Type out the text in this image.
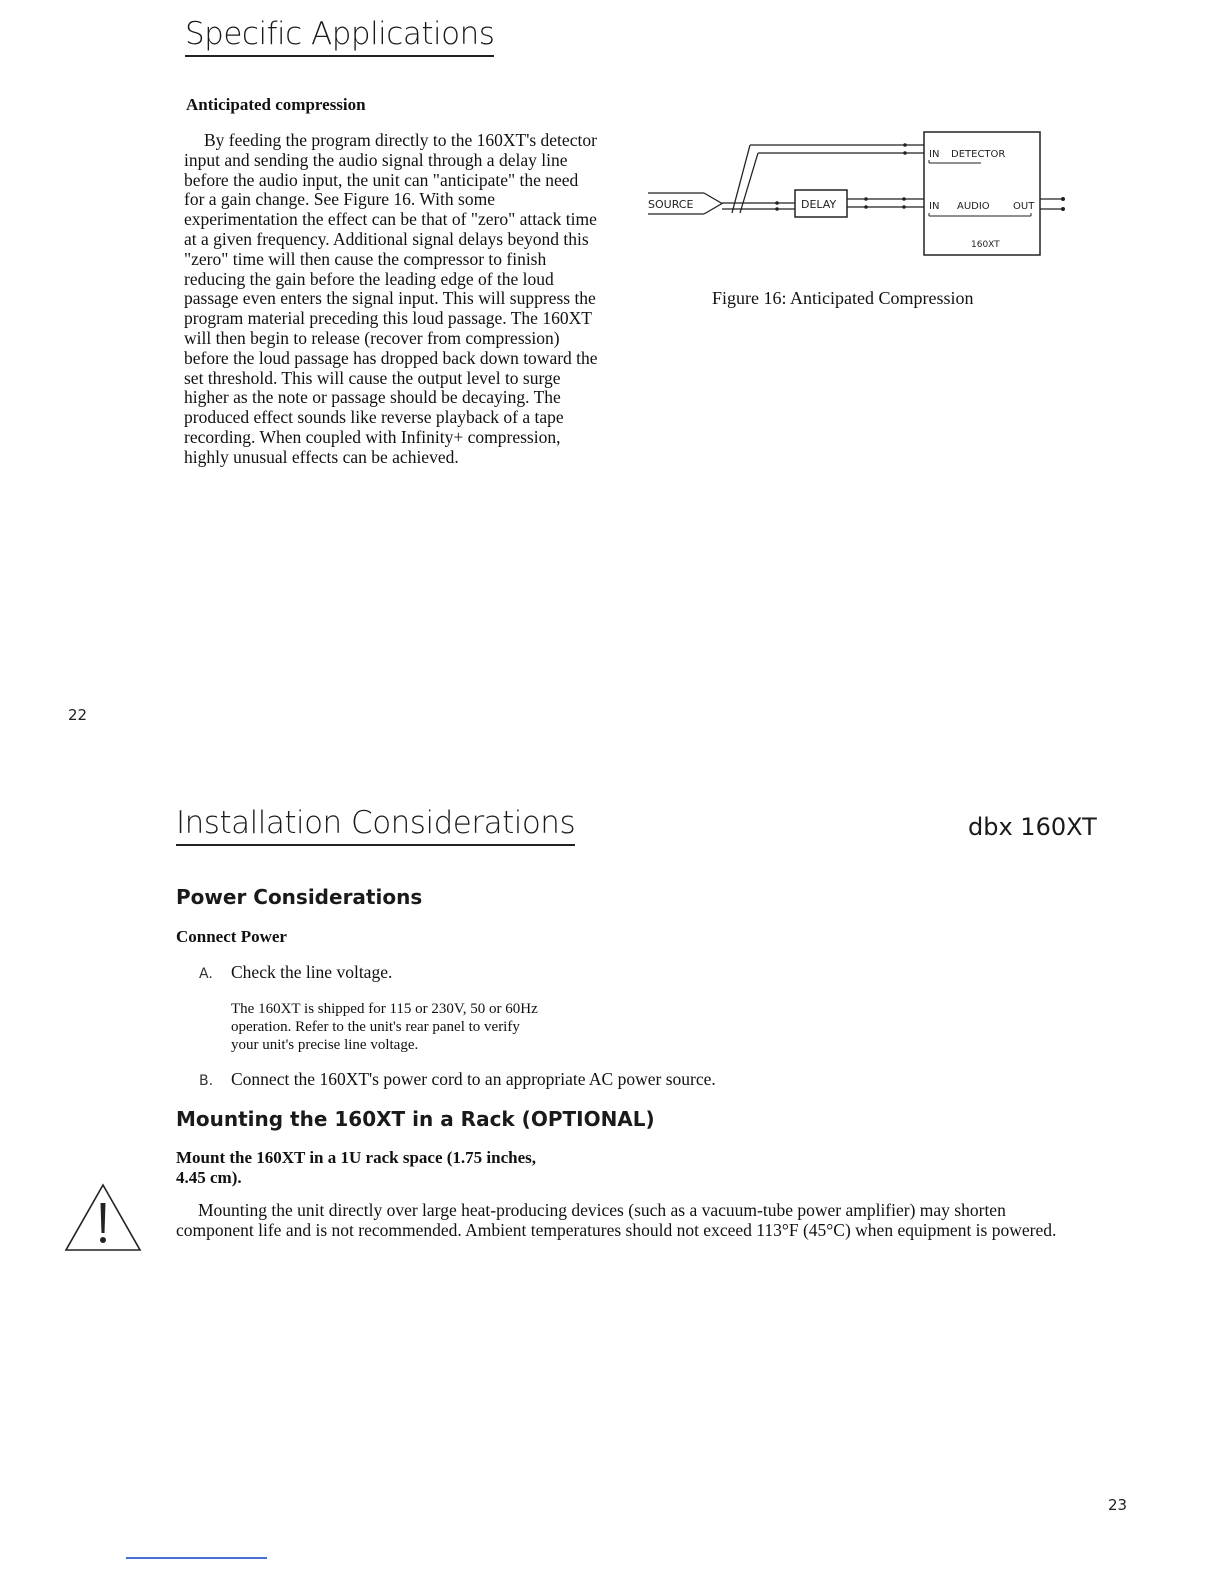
Specific Applications
Anticipated compression

By feeding the program directly to the 160XT's detector input and sending the audio signal through a delay line before the audio input, the unit can "anticipate" the need for a gain change. See Figure 16. With some experimentation the effect can be that of "zero" attack time at a given frequency. Additional signal delays beyond this "zero" time will then cause the compressor to finish reducing the gain before the leading edge of the loud passage even enters the signal input. This will suppress the program material preceding this loud passage. The 160XT will then begin to release (recover from compression) before the loud passage has dropped back down toward the set threshold. This will cause the output level to surge higher as the note or passage should be decaying. The produced effect sounds like reverse playback of a tape recording. When coupled with Infinity+ compression, highly unusual effects can be achieved.

SOURCE	DELAY
IN DETECTOR
IN AUDIO OUT
160XT
Figure 16: Anticipated Compression
22
Installation Considerations	dbx 160XT
Power Considerations
Connect Power
A. Check the line voltage.
The 160XT is shipped for 115 or 230V, 50 or 60Hz
operation. Refer to the unit's rear panel to verify
your unit's precise line voltage.
B. Connect the 160XT's power cord to an appropriate AC power source.
Mounting the 160XT in a Rack (OPTIONAL)
Mount the 160XT in a 1U rack space (1.75 inches,
4.45 cm).

Mounting the unit directly over large heat-producing devices (such as a vacuum-tube power amplifier) may shorten component life and is not recommended. Ambient temperatures should not exceed 113°F (45°C) when equipment is powered.

23
